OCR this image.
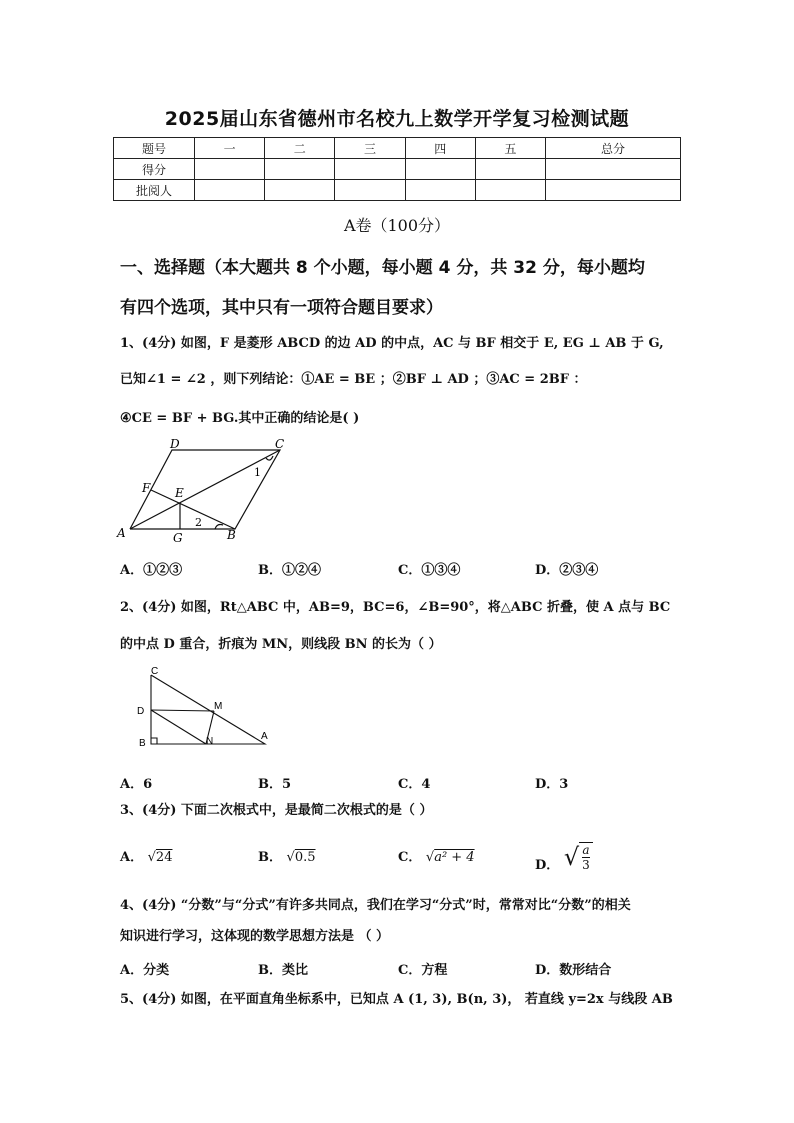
2025届山东省德州市名校九上数学开学复习检测试题
题号	一	二	三	四	五	总分
得分						
批阅人						
A卷（100分）
一、选择题（本大题共 8 个小题，每小题 4 分，共 32 分，每小题均
有四个选项，其中只有一项符合题目要求）
1、(4分) 如图，F 是菱形 ABCD 的边 AD 的中点，AC 与 BF 相交于 E, EG ⊥ AB 于 G,
已知∠1 = ∠2 ，则下列结论：①AE = BE ；②BF ⊥ AD ；③AC = 2BF ：
④CE = BF + BG.其中正确的结论是( )
A	B
C
D
E
F
G
1
2
A．①②③	B．①②④	C．①③④	D．②③④
2、(4分) 如图，Rt△ABC 中，AB=9，BC=6，∠B=90°，将△ABC 折叠，使 A 点与 BC
的中点 D 重合，折痕为 MN，则线段 BN 的长为（ ）
C
D
B
M
N	A
A．6	B．5	C．4	D．3
3、(4分) 下面二次根式中，是最简二次根式的是（ ）
A． √24	B． √0.5	C． √a² + 4	D． √ $\frac{a}{3}$
4、(4分) “分数”与“分式”有许多共同点，我们在学习“分式”时，常常对比“分数”的相关
知识进行学习，这体现的数学思想方法是 （ ）
A．分类	B．类比	C．方程	D．数形结合
5、(4分) 如图，在平面直角坐标系中，已知点 A (1, 3), B(n, 3)， 若直线 y=2x 与线段 AB
